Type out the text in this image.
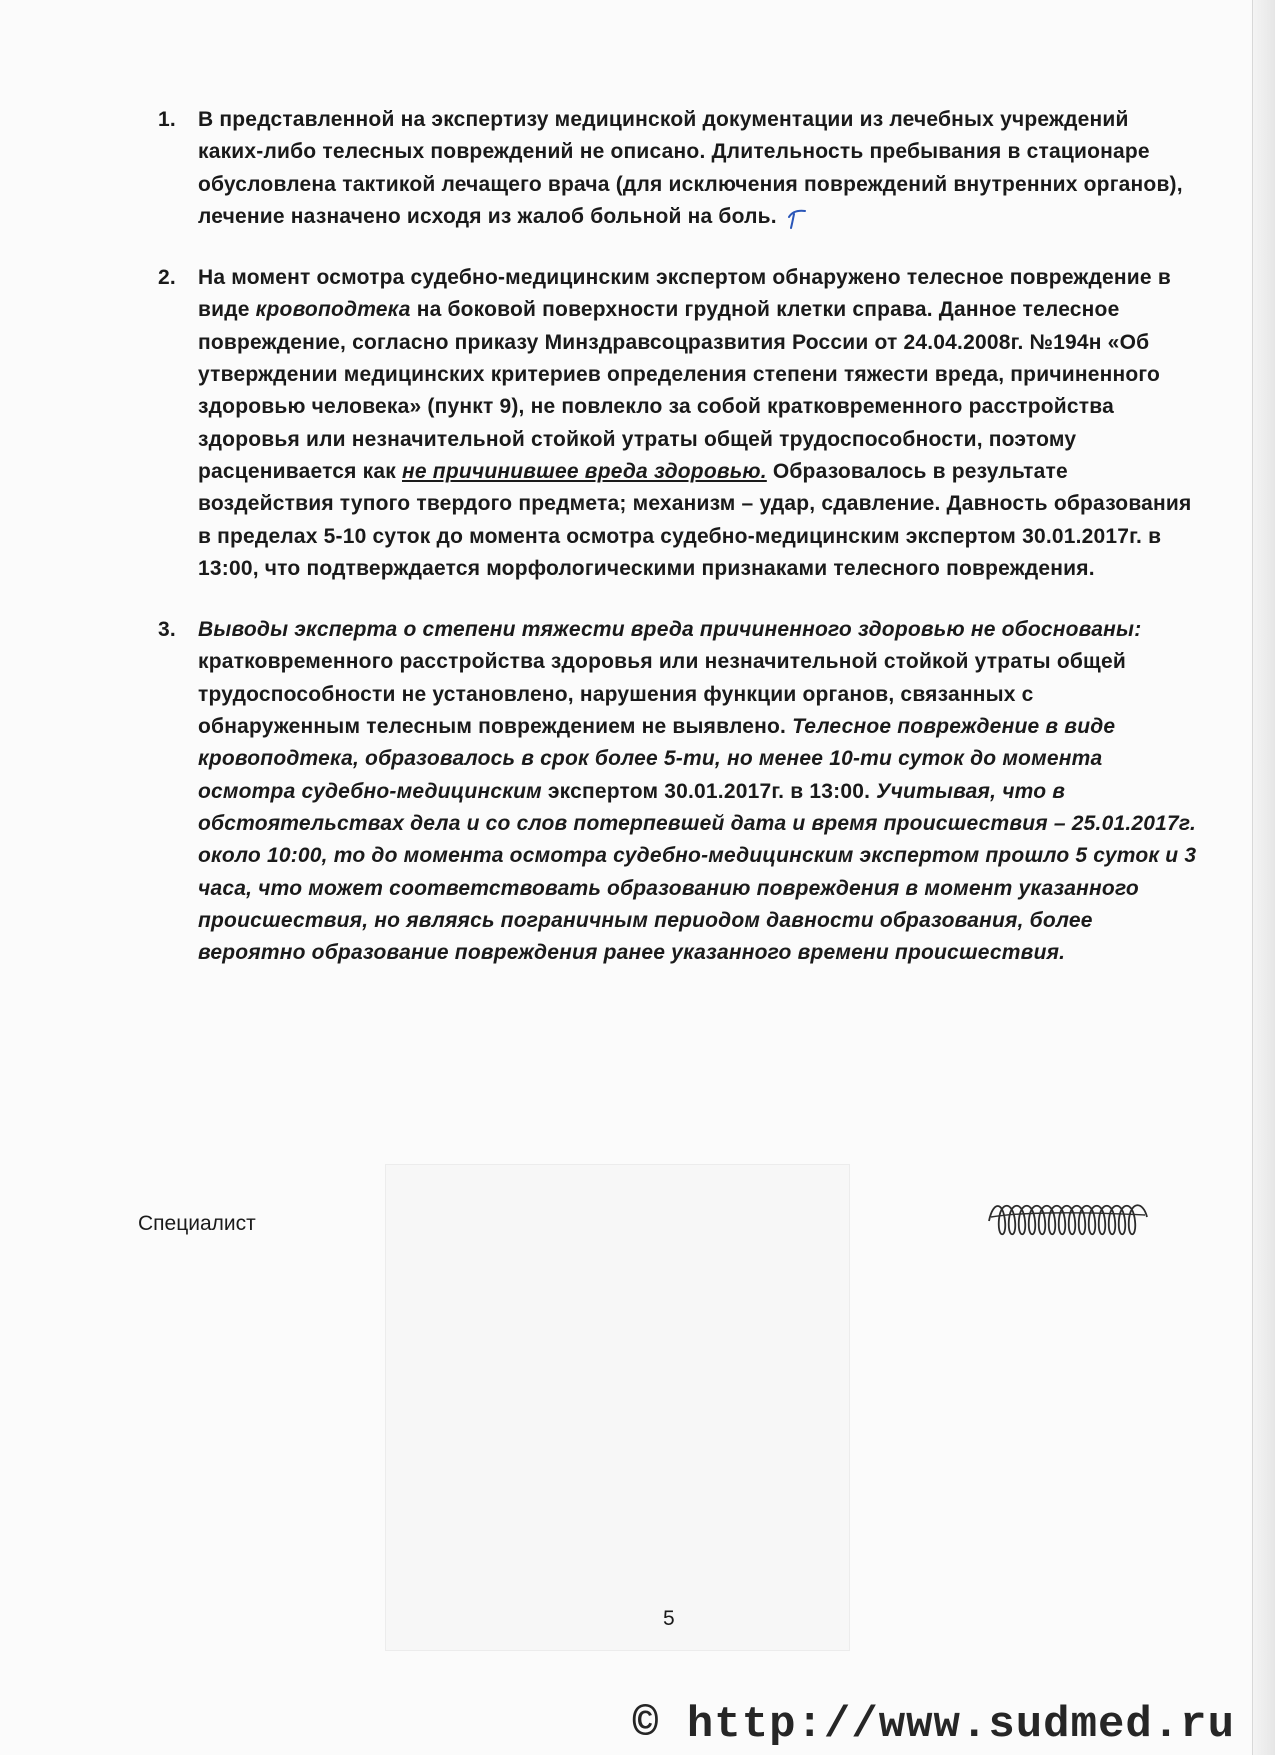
1. В представленной на экспертизу медицинской документации из лечебных учреждений каких-либо телесных повреждений не описано. Длительность пребывания в стационаре обусловлена тактикой лечащего врача (для исключения повреждений внутренних органов), лечение назначено исходя из жалоб больной на боль.
2. На момент осмотра судебно-медицинским экспертом обнаружено телесное повреждение в виде кровоподтека на боковой поверхности грудной клетки справа. Данное телесное повреждение, согласно приказу Минздравсоцразвития России от 24.04.2008г. №194н «Об утверждении медицинских критериев определения степени тяжести вреда, причиненного здоровью человека» (пункт 9), не повлекло за собой кратковременного расстройства здоровья или незначительной стойкой утраты общей трудоспособности, поэтому расценивается как не причинившее вреда здоровью. Образовалось в результате воздействия тупого твердого предмета; механизм – удар, сдавление. Давность образования в пределах 5-10 суток до момента осмотра судебно-медицинским экспертом 30.01.2017г. в 13:00, что подтверждается морфологическими признаками телесного повреждения.
3. Выводы эксперта о степени тяжести вреда причиненного здоровью не обоснованы: кратковременного расстройства здоровья или незначительной стойкой утраты общей трудоспособности не установлено, нарушения функции органов, связанных с обнаруженным телесным повреждением не выявлено. Телесное повреждение в виде кровоподтека, образовалось в срок более 5-ти, но менее 10-ти суток до момента осмотра судебно-медицинским экспертом 30.01.2017г. в 13:00. Учитывая, что в обстоятельствах дела и со слов потерпевшей дата и время происшествия – 25.01.2017г. около 10:00, то до момента осмотра судебно-медицинским экспертом прошло 5 суток и 3 часа, что может соответствовать образованию повреждения в момент указанного происшествия, но являясь пограничным периодом давности образования, более вероятно образование повреждения ранее указанного времени происшествия.
Специалист
5
© http://www.sudmed.ru
